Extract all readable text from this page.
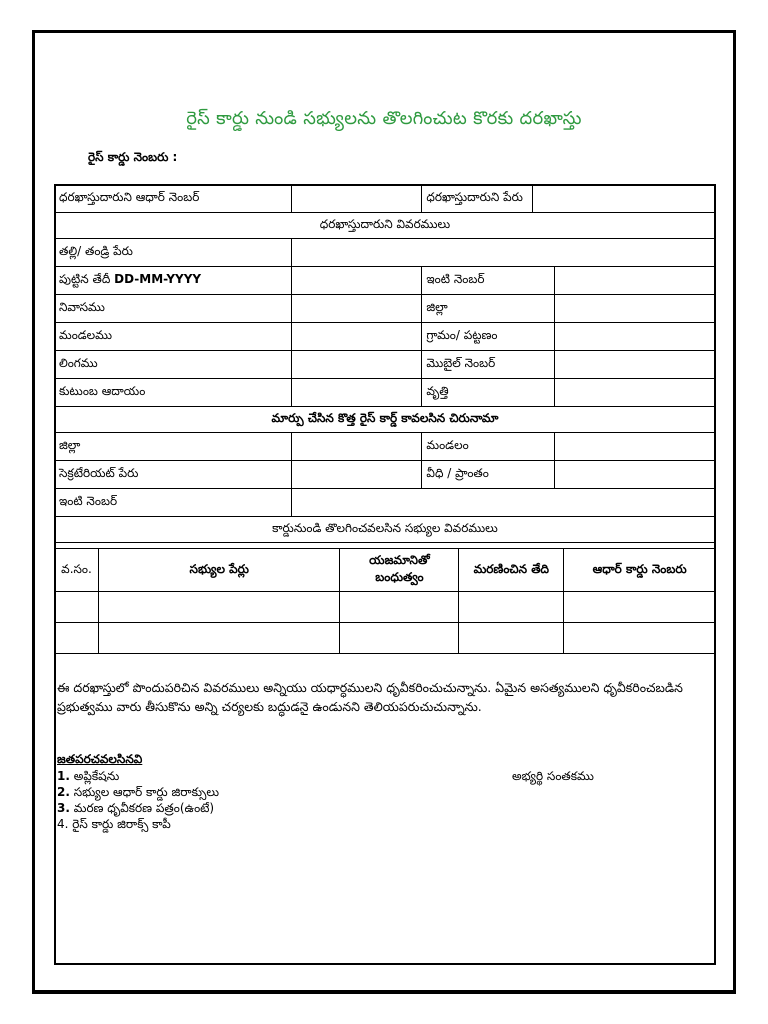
రైస్ కార్డు నుండి సభ్యులను తొలగించుట కొరకు దరఖాస్తు
రైస్ కార్డు నెంబరు :
ధరఖాస్తుదారుని ఆధార్ నెంబర్		ధరఖాస్తుదారుని పేరు		
ధరఖాస్తుదారుని వివరములు				
తల్లి/ తండ్రి పేరు				
పుట్టిన తేదీ DD-MM-YYYY		ఇంటి నెంబర్		
నివాసము		జిల్లా		
మండలము		గ్రామం/ పట్టణం		
లింగము		మొబైల్ నెంబర్		
కుటుంబ ఆదాయం		వృత్తి		
మార్పు చేసిన కొత్త రైస్ కార్డ్ కావలసిన చిరునామా				
జిల్లా		మండలం		
సెక్రటేరియట్ పేరు		వీధి / ప్రాంతం		
ఇంటి నెంబర్				
కార్డునుండి తొలగించవలసిన సభ్యుల వివరములు				
వ.సం.	సభ్యుల పేర్లు	యజమానితో బంధుత్వం	మరణించిన తేది	ఆధార్ కార్డు నెంబరు

ఈ దరఖాస్తులో పొందుపరిచిన వివరములు అన్నియు యధార్ధములని ధృవీకరించుచున్నాను. ఏమైన అసత్యములని ధృవీకరించబడిన ప్రభుత్వము వారు తీసుకొను అన్ని చర్యలకు బద్ధుడనై ఉండునని తెలియపరుచుచున్నాను.
జతపరచవలసినవి
1. అప్లికేషను
2. సభ్యుల ఆధార్ కార్డు జిరాక్సులు
3. మరణ ధృవీకరణ పత్రం(ఉంటే)
4. రైస్ కార్డు జిరాక్స్ కాపీ
అభ్యర్థి సంతకము
